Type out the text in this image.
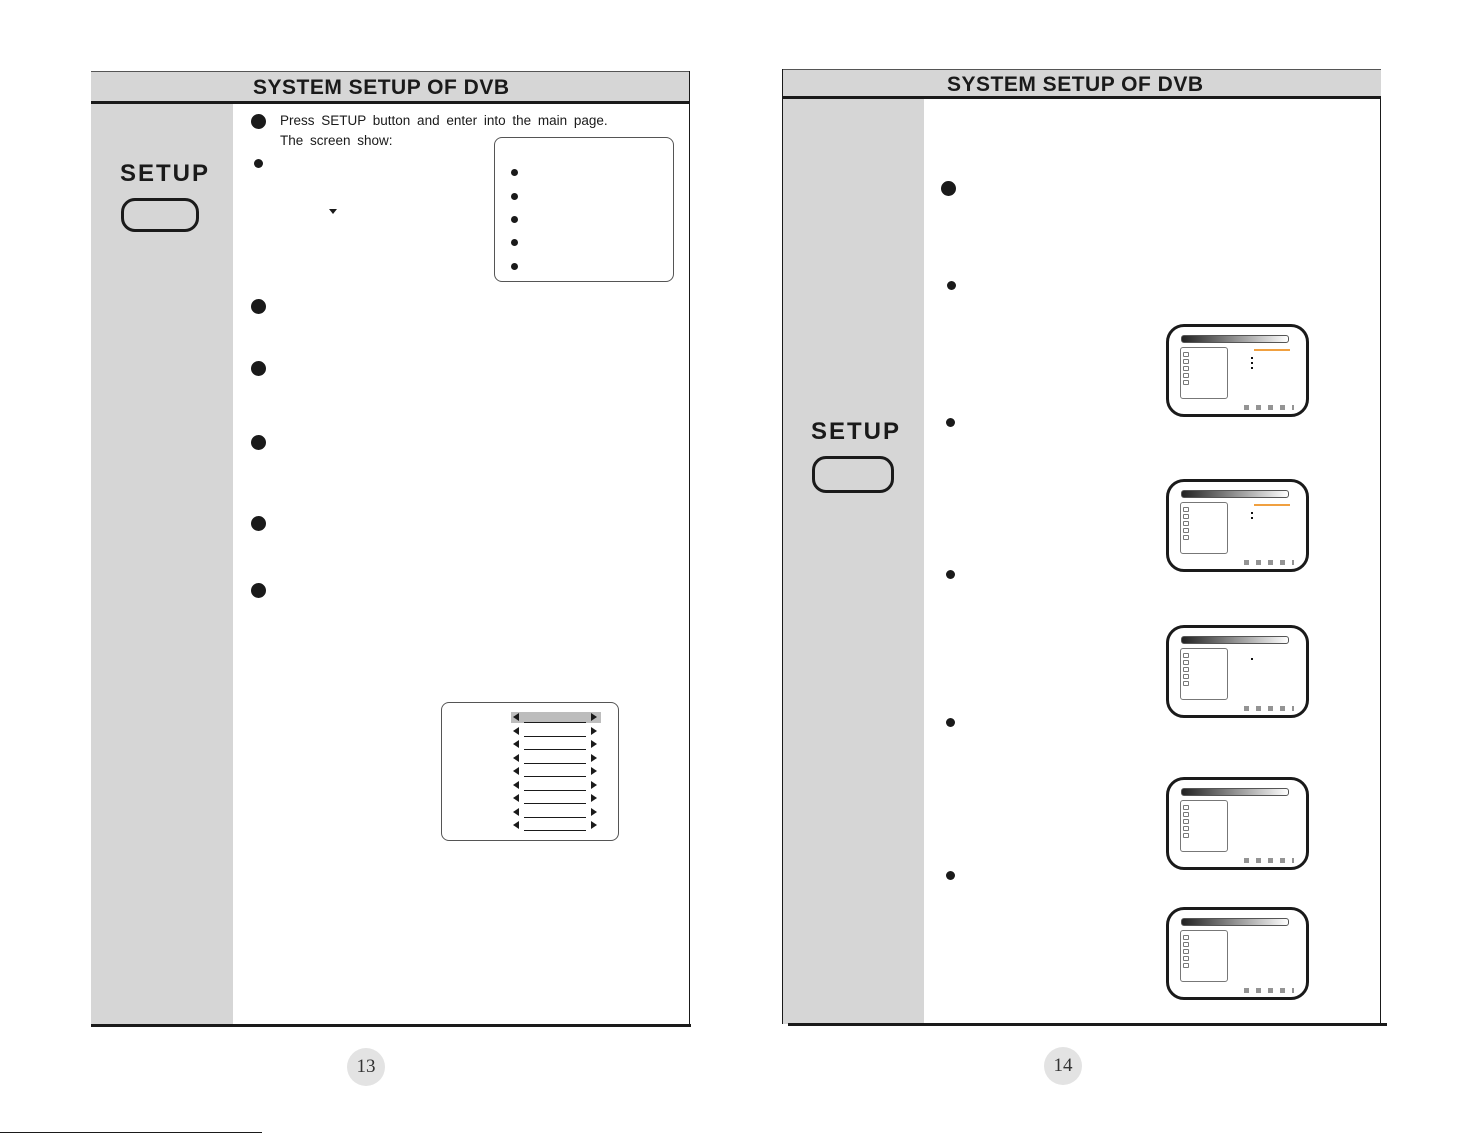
SYSTEM SETUP OF DVB
SETUP
Press SETUP button and enter into the main page.
The screen show:
13
SYSTEM SETUP OF DVB
SETUP
14
